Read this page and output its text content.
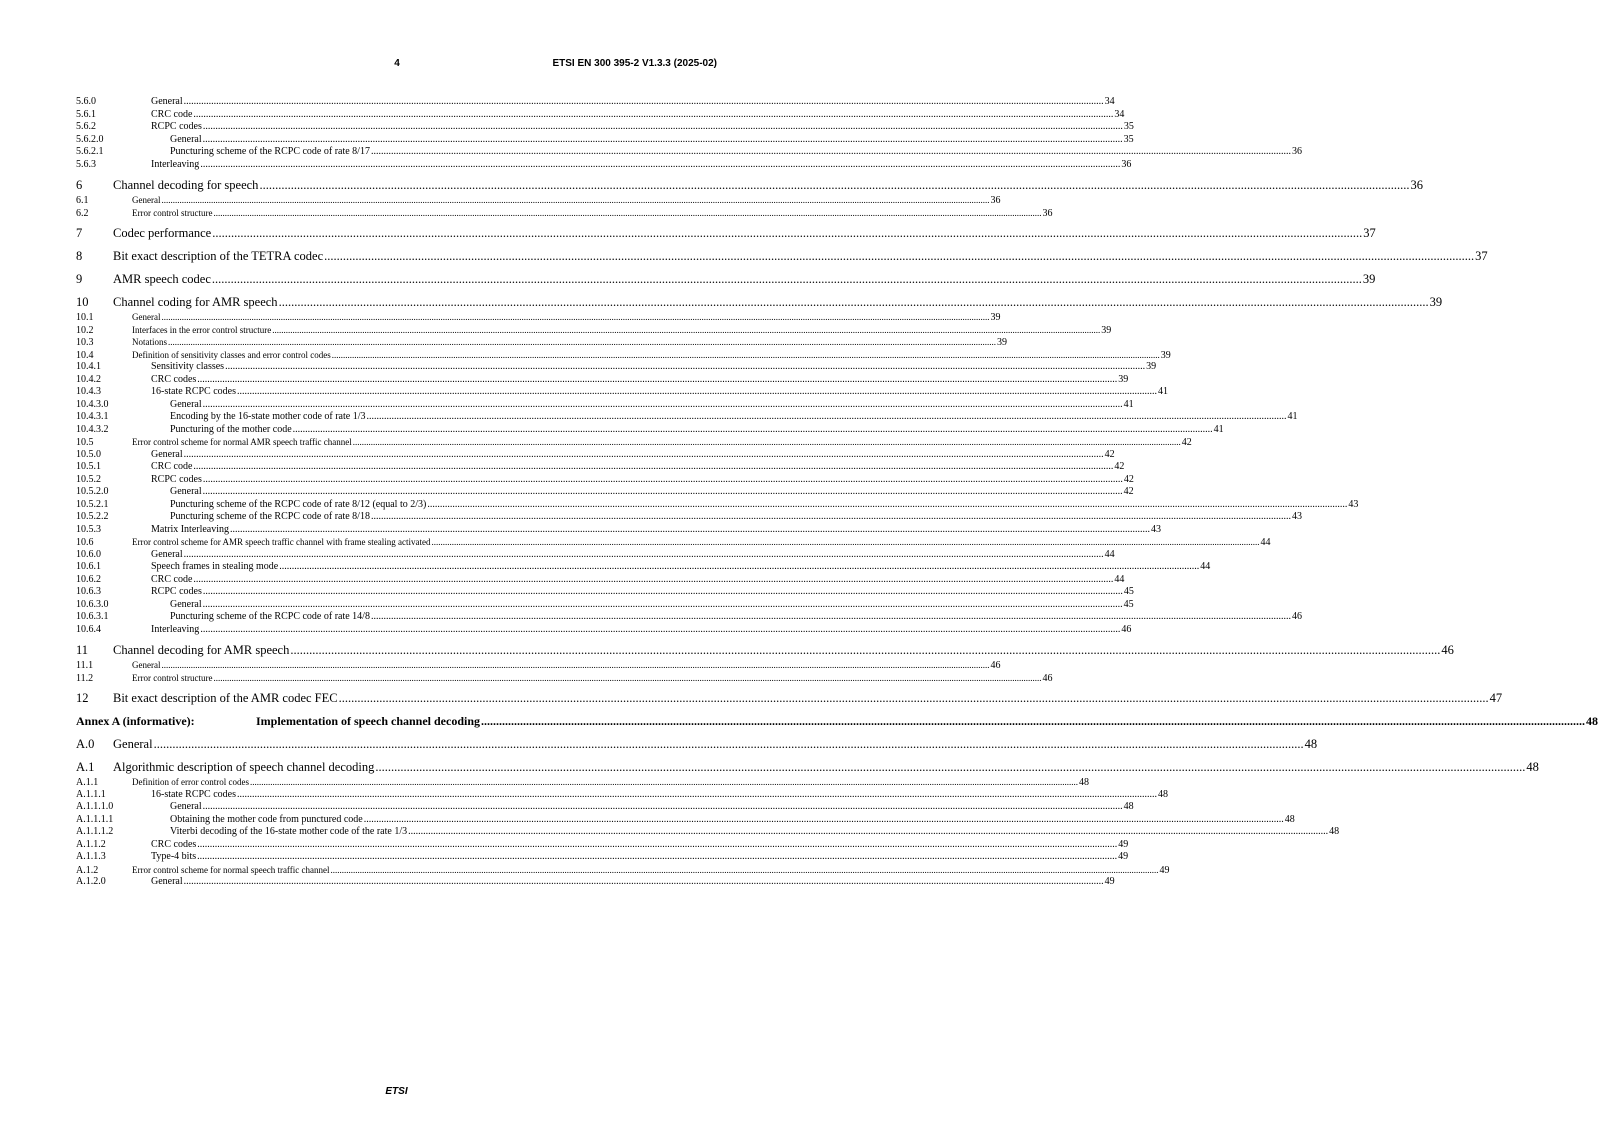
4	ETSI EN 300 395-2 V1.3.3 (2025-02)
5.6.0	General .....	34
5.6.1	CRC code .....	34
5.6.2	RCPC codes .....	35
5.6.2.0	General .....	35
5.6.2.1	Puncturing scheme of the RCPC code of rate 8/17 .....	36
5.6.3	Interleaving .....	36
6	Channel decoding for speech .....	36
6.1	General .....	36
6.2	Error control structure .....	36
7	Codec performance .....	37
8	Bit exact description of the TETRA codec .....	37
9	AMR speech codec .....	39
10	Channel coding for AMR speech .....	39
10.1	General .....	39
10.2	Interfaces in the error control structure .....	39
10.3	Notations .....	39
10.4	Definition of sensitivity classes and error control codes .....	39
10.4.1	Sensitivity classes .....	39
10.4.2	CRC codes .....	39
10.4.3	16-state RCPC codes .....	41
10.4.3.0	General .....	41
10.4.3.1	Encoding by the 16-state mother code of rate 1/3 .....	41
10.4.3.2	Puncturing of the mother code .....	41
10.5	Error control scheme for normal AMR speech traffic channel .....	42
10.5.0	General .....	42
10.5.1	CRC code .....	42
10.5.2	RCPC codes .....	42
10.5.2.0	General .....	42
10.5.2.1	Puncturing scheme of the RCPC code of rate 8/12 (equal to 2/3) .....	43
10.5.2.2	Puncturing scheme of the RCPC code of rate 8/18 .....	43
10.5.3	Matrix Interleaving .....	43
10.6	Error control scheme for AMR speech traffic channel with frame stealing activated .....	44
10.6.0	General .....	44
10.6.1	Speech frames in stealing mode .....	44
10.6.2	CRC code .....	44
10.6.3	RCPC codes .....	45
10.6.3.0	General .....	45
10.6.3.1	Puncturing scheme of the RCPC code of rate 14/8 .....	46
10.6.4	Interleaving .....	46
11	Channel decoding for AMR speech .....	46
11.1	General .....	46
11.2	Error control structure .....	46
12	Bit exact description of the AMR codec FEC .....	47
Annex A (informative):	Implementation of speech channel decoding .....	48
A.0	General .....	48
A.1	Algorithmic description of speech channel decoding .....	48
A.1.1	Definition of error control codes .....	48
A.1.1.1	16-state RCPC codes .....	48
A.1.1.1.0	General .....	48
A.1.1.1.1	Obtaining the mother code from punctured code .....	48
A.1.1.1.2	Viterbi decoding of the 16-state mother code of the rate 1/3 .....	48
A.1.1.2	CRC codes .....	49
A.1.1.3	Type-4 bits .....	49
A.1.2	Error control scheme for normal speech traffic channel .....	49
A.1.2.0	General .....	49
ETSI
